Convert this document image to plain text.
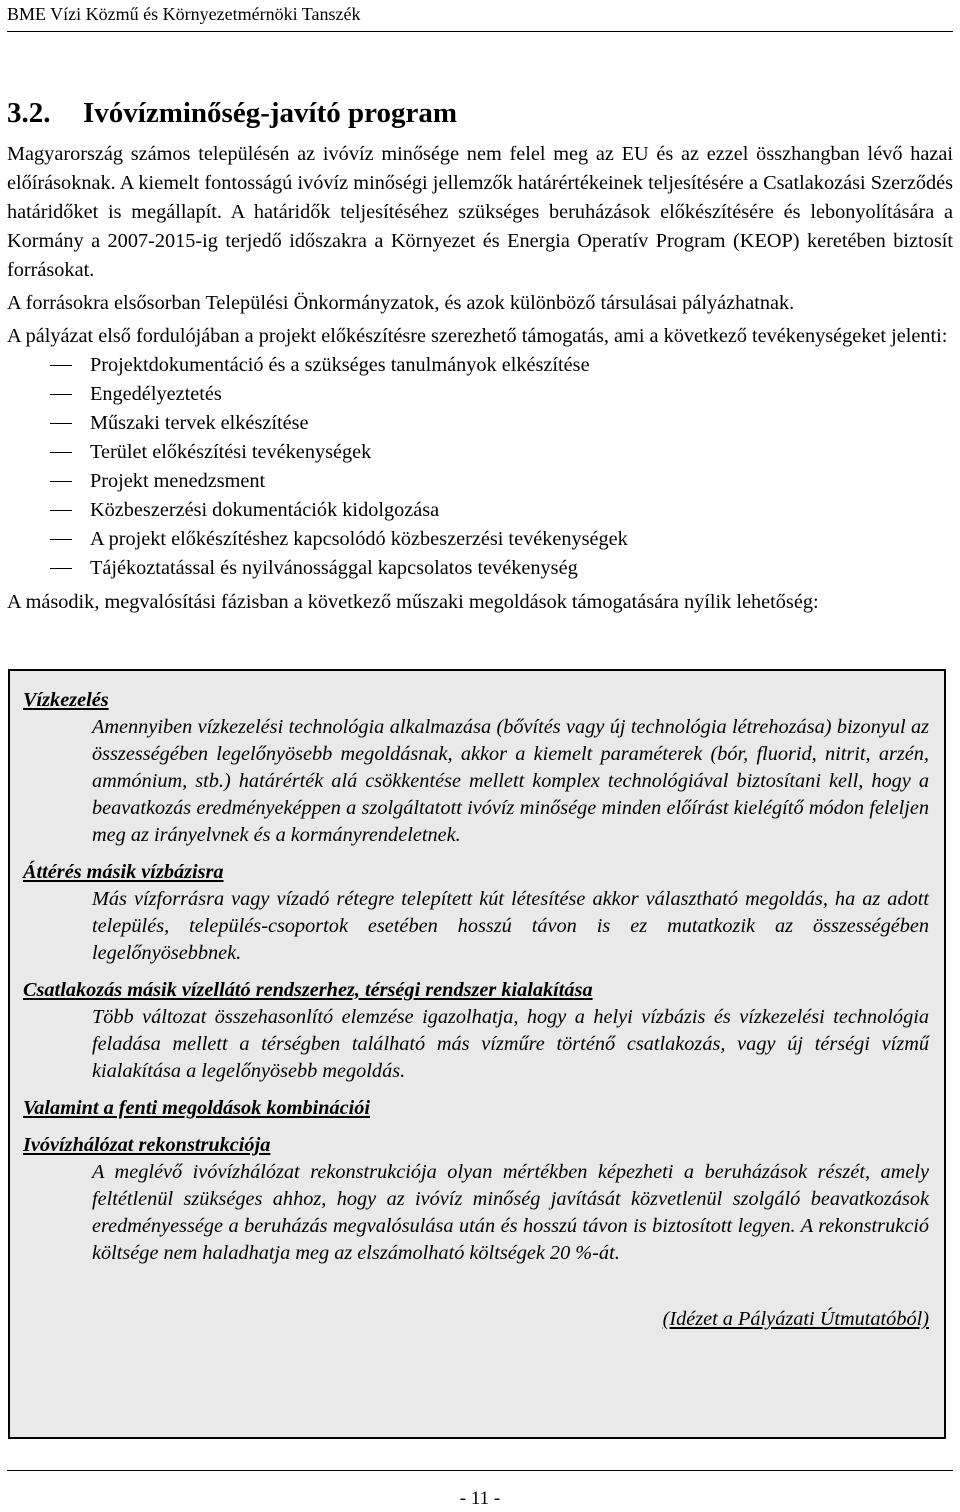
BME Vízi Közmű és Környezetmérnöki Tanszék
3.2. Ivóvízminőség-javító program

Magyarország számos településén az ivóvíz minősége nem felel meg az EU és az ezzel összhangban lévő hazai előírásoknak. A kiemelt fontosságú ivóvíz minőségi jellemzők határértékeinek teljesítésére a Csatlakozási Szerződés határidőket is megállapít. A határidők teljesítéséhez szükséges beruházások előkészítésére és lebonyolítására a Kormány a 2007-2015-ig terjedő időszakra a Környezet és Energia Operatív Program (KEOP) keretében biztosít forrásokat.

A forrásokra elsősorban Települési Önkormányzatok, és azok különböző társulásai pályázhatnak.

A pályázat első fordulójában a projekt előkészítésre szerezhető támogatás, ami a következő tevékenységeket jelenti:

Projektdokumentáció és a szükséges tanulmányok elkészítése
Engedélyeztetés
Műszaki tervek elkészítése
Terület előkészítési tevékenységek
Projekt menedzsment
Közbeszerzési dokumentációk kidolgozása
A projekt előkészítéshez kapcsolódó közbeszerzési tevékenységek
Tájékoztatással és nyilvánossággal kapcsolatos tevékenység

A második, megvalósítási fázisban a következő műszaki megoldások támogatására nyílik lehetőség:

Vízkezelés

Amennyiben vízkezelési technológia alkalmazása (bővítés vagy új technológia létrehozása) bizonyul az összességében legelőnyösebb megoldásnak, akkor a kiemelt paraméterek (bór, fluorid, nitrit, arzén, ammónium, stb.) határérték alá csökkentése mellett komplex technológiával biztosítani kell, hogy a beavatkozás eredményeképpen a szolgáltatott ivóvíz minősége minden előírást kielégítő módon feleljen meg az irányelvnek és a kormányrendeletnek.

Áttérés másik vízbázisra

Más vízforrásra vagy vízadó rétegre telepített kút létesítése akkor választható megoldás, ha az adott település, település-csoportok esetében hosszú távon is ez mutatkozik az összességében legelőnyösebbnek.

Csatlakozás másik vízellátó rendszerhez, térségi rendszer kialakítása

Több változat összehasonlító elemzése igazolhatja, hogy a helyi vízbázis és vízkezelési technológia feladása mellett a térségben található más vízműre történő csatlakozás, vagy új térségi vízmű kialakítása a legelőnyösebb megoldás.

Valamint a fenti megoldások kombinációi

Ivóvízhálózat rekonstrukciója

A meglévő ivóvízhálózat rekonstrukciója olyan mértékben képezheti a beruházások részét, amely feltétlenül szükséges ahhoz, hogy az ivóvíz minőség javítását közvetlenül szolgáló beavatkozások eredményessége a beruházás megvalósulása után és hosszú távon is biztosított legyen. A rekonstrukció költsége nem haladhatja meg az elszámolható költségek 20 %-át.

(Idézet a Pályázati Útmutatóból)
- 11 -
